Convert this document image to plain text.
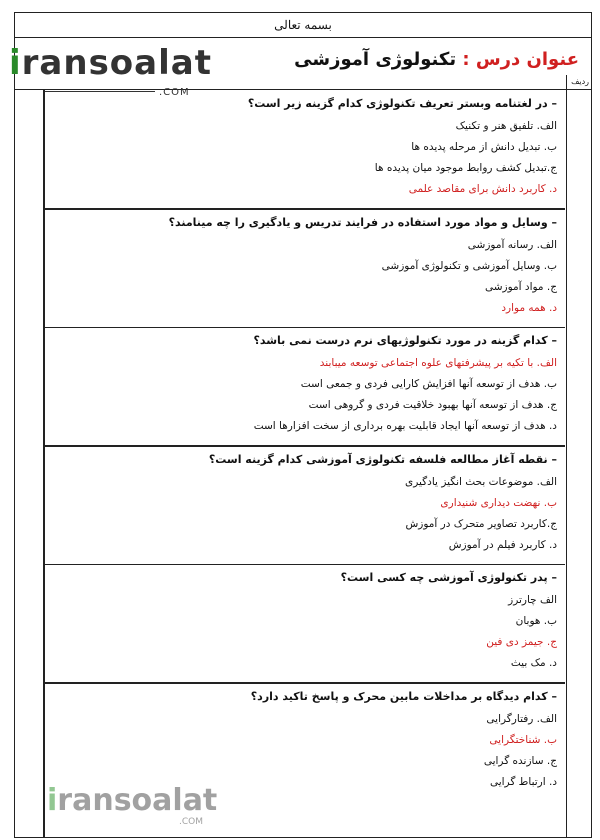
بسمه تعالی
عنوان درس : تکنولوژی آموزشی
iransoalat
.COM
ردیف
– در لغتنامه وبستر تعریف تکنولوژی کدام گزینه زیر است؟
الف. تلفیق هنر و تکنیک
ب. تبدیل دانش از مرحله پدیده ها
ج.تبدیل کشف روابط موجود میان پدیده ها
د. کاربرد دانش برای مقاصد علمی
– وسایل و مواد مورد استفاده در فرایند تدریس و یادگیری را چه مینامند؟
الف. رسانه آموزشی
ب. وسایل آموزشی و تکنولوژی آموزشی
ج. مواد آموزشی
د. همه موارد
– کدام گزینه در مورد تکنولوژیهای نرم درست نمی باشد؟
الف. با تکیه بر پیشرفتهای علوه اجتماعی توسعه میبابند
ب. هدف از توسعه آنها افزایش کارایی فردی و جمعی است
ج. هدف از توسعه آنها بهبود خلاقیت فردی و گروهی است
د. هدف از توسعه آنها ایجاد قابلیت بهره برداری از سخت افزارها است
– نقطه آغاز مطالعه فلسفه تکنولوژی آموزشی کدام گزینه است؟
الف. موضوعات بحث انگیز یادگیری
ب. نهضت دیداری شنیداری
ج.کاربرد تصاویر متحرک در آموزش
د. کاربرد فیلم در آموزش
– پدر تکنولوژی آموزشی چه کسی است؟
الف چارترز
ب. هوبان
ج. جیمز دی فین
د. مک بیث
– کدام دیدگاه بر مداخلات مابین محرک و پاسخ تاکید دارد؟
الف. رفتارگرایی
ب. شناختگرایی
ج. سازنده گرایی
د. ارتباط گرایی
iransoalat
.COM
